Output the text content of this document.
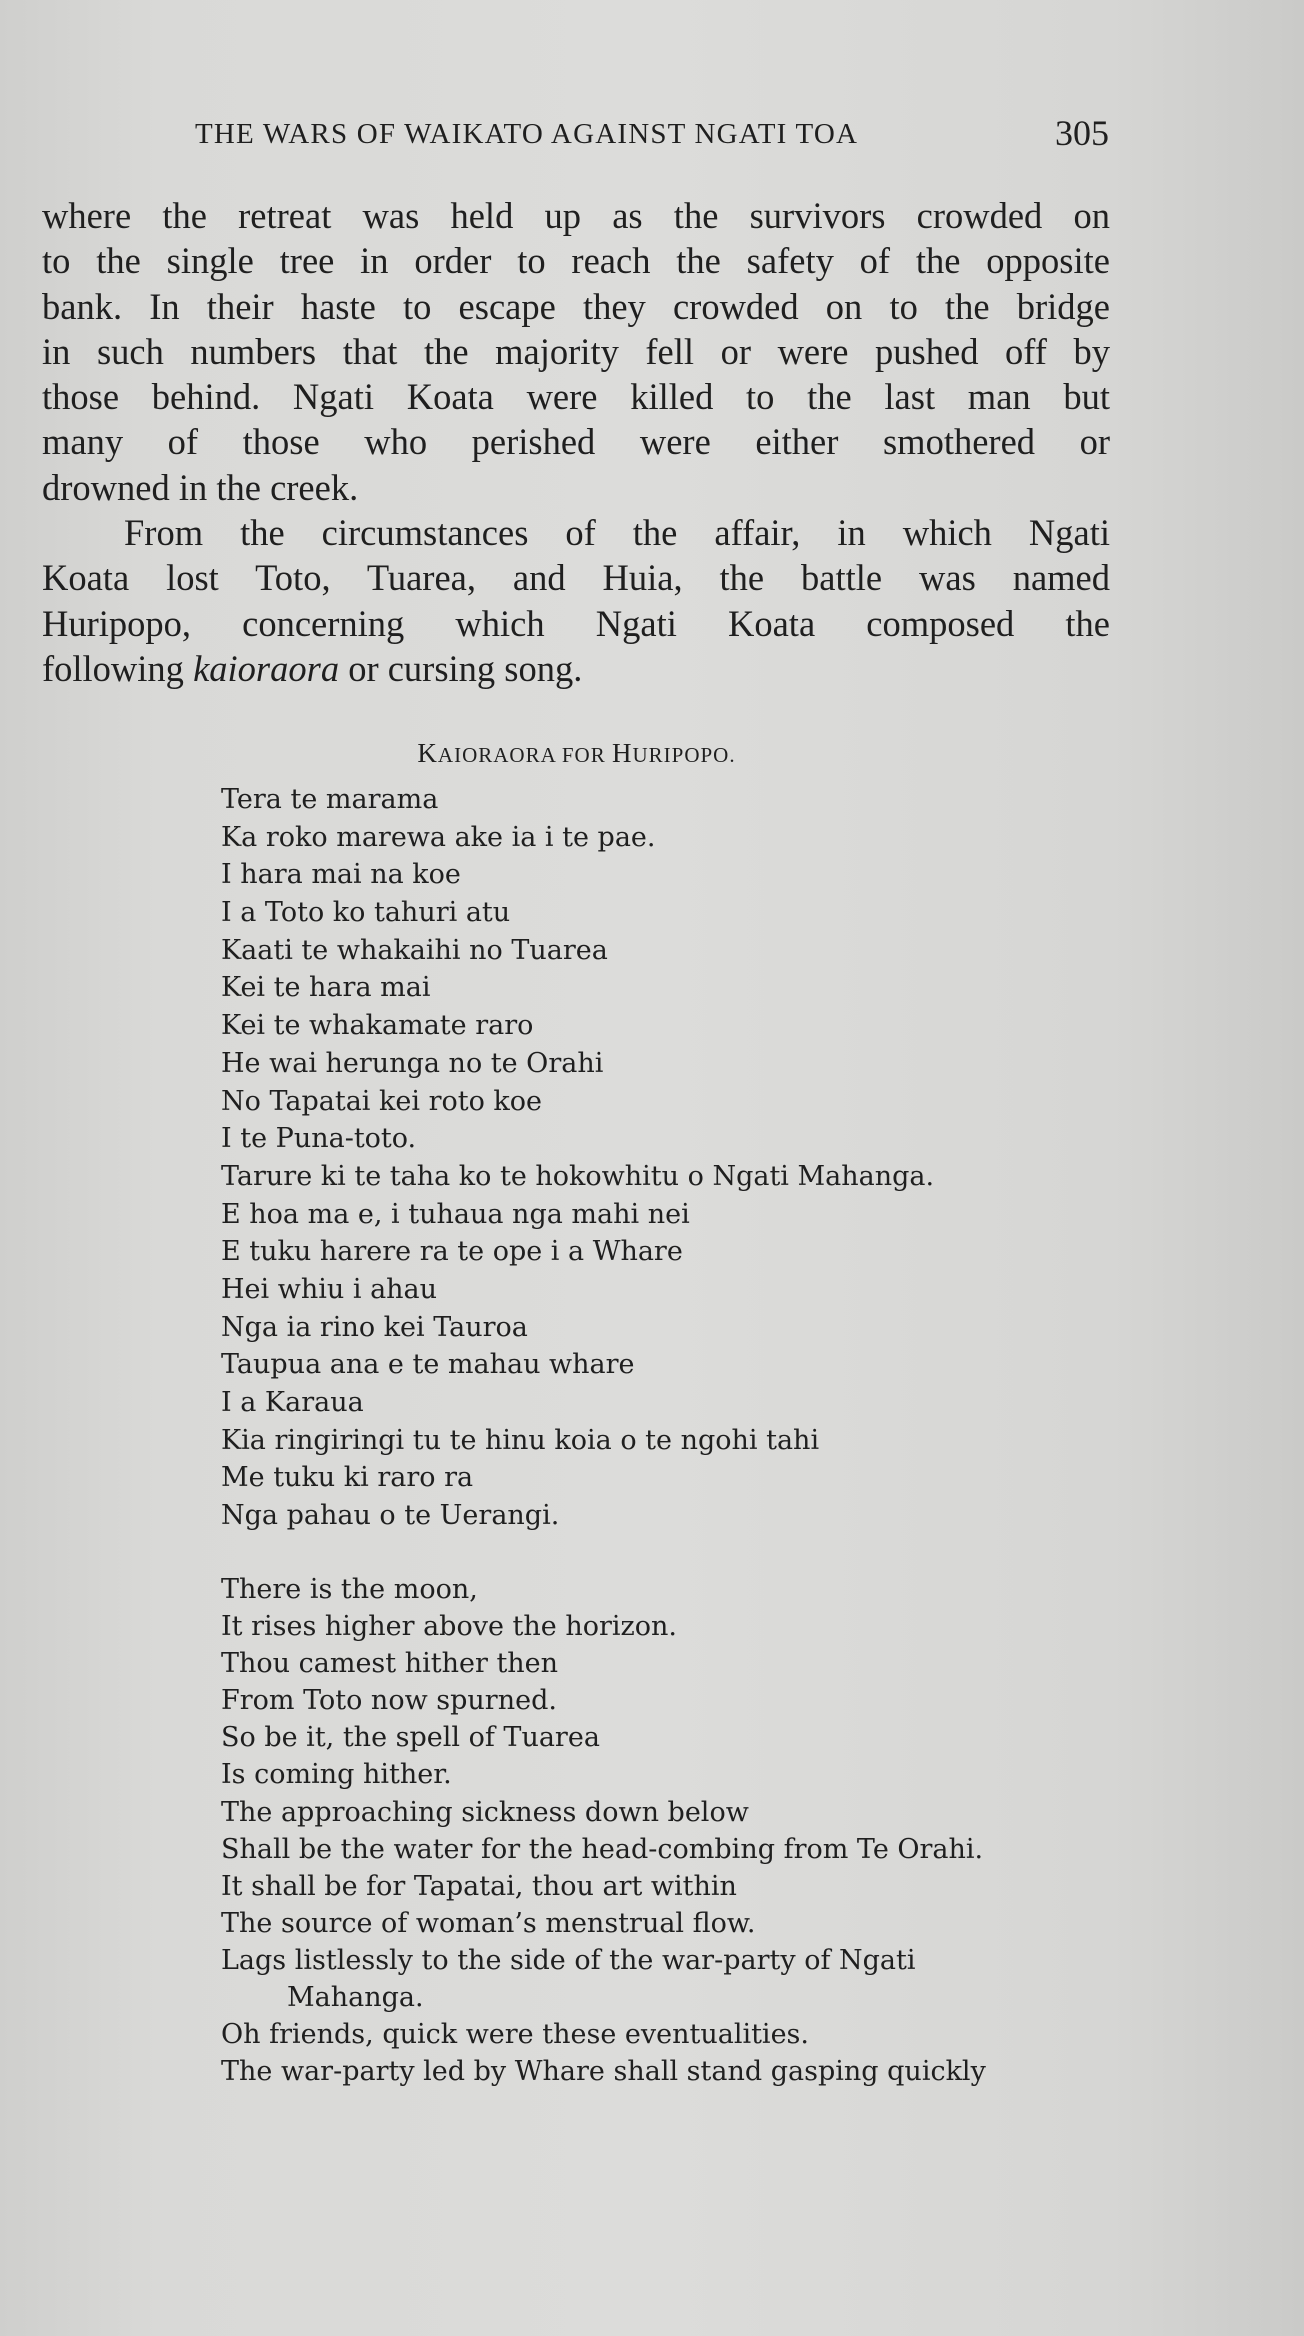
THE WARS OF WAIKATO AGAINST NGATI TOA	305

where the retreat was held up as the survivors crowded on
to the single tree in order to reach the safety of the opposite
bank. In their haste to escape they crowded on to the bridge
in such numbers that the majority fell or were pushed off by
those behind. Ngati Koata were killed to the last man but
many of those who perished were either smothered or
drowned in the creek.

From the circumstances of the affair, in which Ngati
Koata lost Toto, Tuarea, and Huia, the battle was named
Huripopo, concerning which Ngati Koata composed the
following kaioraora or cursing song.

KAIORAORA FOR HURIPOPO.
Tera te marama
Ka roko marewa ake ia i te pae.
I hara mai na koe
I a Toto ko tahuri atu
Kaati te whakaihi no Tuarea
Kei te hara mai
Kei te whakamate raro
He wai herunga no te Orahi
No Tapatai kei roto koe
I te Puna-toto.
Tarure ki te taha ko te hokowhitu o Ngati Mahanga.
E hoa ma e, i tuhaua nga mahi nei
E tuku harere ra te ope i a Whare
Hei whiu i ahau
Nga ia rino kei Tauroa
Taupua ana e te mahau whare
I a Karaua
Kia ringiringi tu te hinu koia o te ngohi tahi
Me tuku ki raro ra
Nga pahau o te Uerangi.
There is the moon,
It rises higher above the horizon.
Thou camest hither then
From Toto now spurned.
So be it, the spell of Tuarea
Is coming hither.
The approaching sickness down below
Shall be the water for the head-combing from Te Orahi.
It shall be for Tapatai, thou art within
The source of woman’s menstrual flow.
Lags listlessly to the side of the war-party of Ngati
Mahanga.
Oh friends, quick were these eventualities.
The war-party led by Whare shall stand gasping quickly
